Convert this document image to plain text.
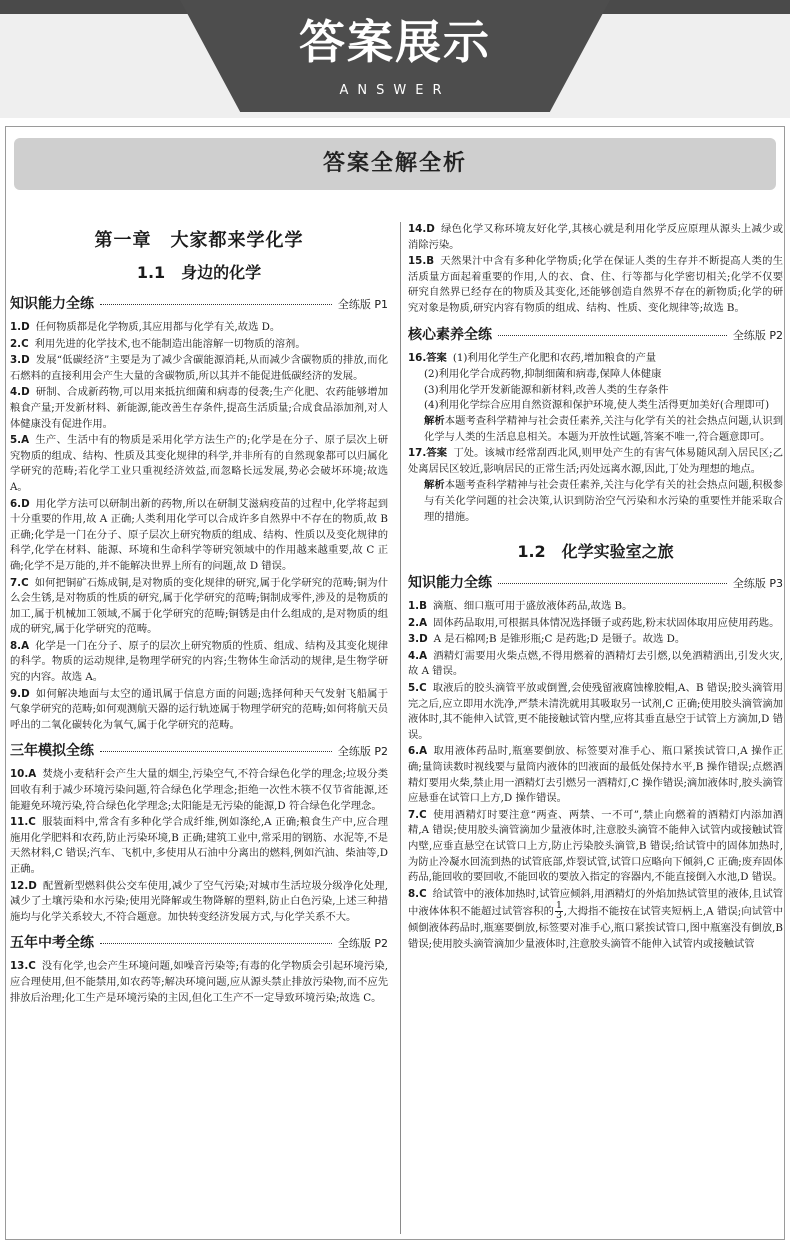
答案展示
ANSWER
答案全解全析
第一章　大家都来学化学
1.1　身边的化学
知识能力全练	全练版 P1
1.D 任何物质都是化学物质,其应用都与化学有关,故选 D。
2.C 利用先进的化学技术,也不能制造出能溶解一切物质的溶剂。
3.D 发展“低碳经济”主要是为了减少含碳能源消耗,从而减少含碳物质的排放,而化石燃料的直接利用会产生大量的含碳物质,所以其并不能促进低碳经济的发展。
4.D 研制、合成新药物,可以用来抵抗细菌和病毒的侵袭;生产化肥、农药能够增加粮食产量;开发新材料、新能源,能改善生存条件,提高生活质量;合成食品添加剂,对人体健康没有促进作用。
5.A 生产、生活中有的物质是采用化学方法生产的;化学是在分子、原子层次上研究物质的组成、结构、性质及其变化规律的科学,并非所有的自然现象都可以归属化学研究的范畴;若化学工业只重视经济效益,而忽略长远发展,势必会破坏环境;故选 A。
6.D 用化学方法可以研制出新的药物,所以在研制艾滋病疫苗的过程中,化学将起到十分重要的作用,故 A 正确;人类利用化学可以合成许多自然界中不存在的物质,故 B 正确;化学是一门在分子、原子层次上研究物质的组成、结构、性质以及变化规律的科学,化学在材料、能源、环境和生命科学等研究领域中的作用越来越重要,故 C 正确;化学不是万能的,并不能解决世界上所有的问题,故 D 错误。
7.C 如何把铜矿石炼成铜,是对物质的变化规律的研究,属于化学研究的范畴;铜为什么会生锈,是对物质的性质的研究,属于化学研究的范畴;铜制成零件,涉及的是物质的加工,属于机械加工领域,不属于化学研究的范畴;铜锈是由什么组成的,是对物质的组成的研究,属于化学研究的范畴。
8.A 化学是一门在分子、原子的层次上研究物质的性质、组成、结构及其变化规律的科学。物质的运动规律,是物理学研究的内容;生物体生命活动的规律,是生物学研究的内容。故选 A。
9.D 如何解决地面与太空的通讯属于信息方面的问题;选择何种天气发射飞船属于气象学研究的范畴;如何观测航天器的运行轨迹属于物理学研究的范畴;如何将航天员呼出的二氧化碳转化为氧气,属于化学研究的范畴。
三年模拟全练	全练版 P2
10.A 焚烧小麦秸秆会产生大量的烟尘,污染空气,不符合绿色化学的理念;垃圾分类回收有利于减少环境污染问题,符合绿色化学理念;拒绝一次性木筷不仅节省能源,还能避免环境污染,符合绿色化学理念;太阳能是无污染的能源,D 符合绿色化学理念。
11.C 服装面料中,常含有多种化学合成纤维,例如涤纶,A 正确;粮食生产中,应合理施用化学肥料和农药,防止污染环境,B 正确;建筑工业中,常采用的钢筋、水泥等,不是天然材料,C 错误;汽车、飞机中,多使用从石油中分离出的燃料,例如汽油、柴油等,D 正确。
12.D 配置新型燃料供公交车使用,减少了空气污染;对城市生活垃圾分级净化处理,减少了土壤污染和水污染;使用光降解或生物降解的塑料,防止白色污染,上述三种措施均与化学关系较大,不符合题意。加快转变经济发展方式,与化学关系不大。
五年中考全练	全练版 P2
13.C 没有化学,也会产生环境问题,如噪音污染等;有毒的化学物质会引起环境污染,应合理使用,但不能禁用,如农药等;解决环境问题,应从源头禁止排放污染物,而不应先排放后治理;化工生产是环境污染的主因,但化工生产不一定导致环境污染;故选 C。
14.D 绿色化学又称环境友好化学,其核心就是利用化学反应原理从源头上减少或消除污染。
15.B 天然果汁中含有多种化学物质;化学在保证人类的生存并不断提高人类的生活质量方面起着重要的作用,人的衣、食、住、行等都与化学密切相关;化学不仅要研究自然界已经存在的物质及其变化,还能够创造自然界不存在的新物质;化学的研究对象是物质,研究内容有物质的组成、结构、性质、变化规律等;故选 B。
核心素养全练	全练版 P2
16.答案 (1)利用化学生产化肥和农药,增加粮食的产量
(2)利用化学合成药物,抑制细菌和病毒,保障人体健康
(3)利用化学开发新能源和新材料,改善人类的生存条件
(4)利用化学综合应用自然资源和保护环境,使人类生活得更加美好(合理即可)
解析本题考查科学精神与社会责任素养,关注与化学有关的社会热点问题,认识到化学与人类的生活息息相关。本题为开放性试题,答案不唯一,符合题意即可。
17.答案 丁处。该城市经常刮西北风,则甲处产生的有害气体易随风刮入居民区;乙处离居民区较近,影响居民的正常生活;丙处远离水源,因此,丁处为理想的地点。
解析本题考查科学精神与社会责任素养,关注与化学有关的社会热点问题,积极参与有关化学问题的社会决策,认识到防治空气污染和水污染的重要性并能采取合理的措施。
1.2　化学实验室之旅
知识能力全练	全练版 P3
1.B 滴瓶、细口瓶可用于盛放液体药品,故选 B。
2.A 固体药品取用,可根据具体情况选择镊子或药匙,粉末状固体取用应使用药匙。
3.D A 是石棉网;B 是锥形瓶;C 是药匙;D 是镊子。故选 D。
4.A 酒精灯需要用火柴点燃,不得用燃着的酒精灯去引燃,以免酒精洒出,引发火灾,故 A 错误。
5.C 取液后的胶头滴管平放或倒置,会使残留液腐蚀橡胶帽,A、B 错误;胶头滴管用完之后,应立即用水洗净,严禁未清洗就用其吸取另一试剂,C 正确;使用胶头滴管滴加液体时,其不能伸入试管,更不能接触试管内壁,应将其垂直悬空于试管上方滴加,D 错误。
6.A 取用液体药品时,瓶塞要倒放、标签要对准手心、瓶口紧挨试管口,A 操作正确;量筒读数时视线要与量筒内液体的凹液面的最低处保持水平,B 操作错误;点燃酒精灯要用火柴,禁止用一酒精灯去引燃另一酒精灯,C 操作错误;滴加液体时,胶头滴管应悬垂在试管口上方,D 操作错误。
7.C 使用酒精灯时要注意“两查、两禁、一不可”,禁止向燃着的酒精灯内添加酒精,A 错误;使用胶头滴管滴加少量液体时,注意胶头滴管不能伸入试管内或接触试管内壁,应垂直悬空在试管口上方,防止污染胶头滴管,B 错误;给试管中的固体加热时,为防止冷凝水回流到热的试管底部,炸裂试管,试管口应略向下倾斜,C 正确;废弃固体药品,能回收的要回收,不能回收的要放入指定的容器内,不能直接倒入水池,D 错误。
8.C 给试管中的液体加热时,试管应倾斜,用酒精灯的外焰加热试管里的液体,且试管中液体体积不能超过试管容积的 $\frac{1}{3}$ ,大拇指不能按在试管夹短柄上,A 错误;向试管中倾倒液体药品时,瓶塞要倒放,标签要对准手心,瓶口紧挨试管口,图中瓶塞没有倒放,B 错误;使用胶头滴管滴加少量液体时,注意胶头滴管不能伸入试管内或接触试管
